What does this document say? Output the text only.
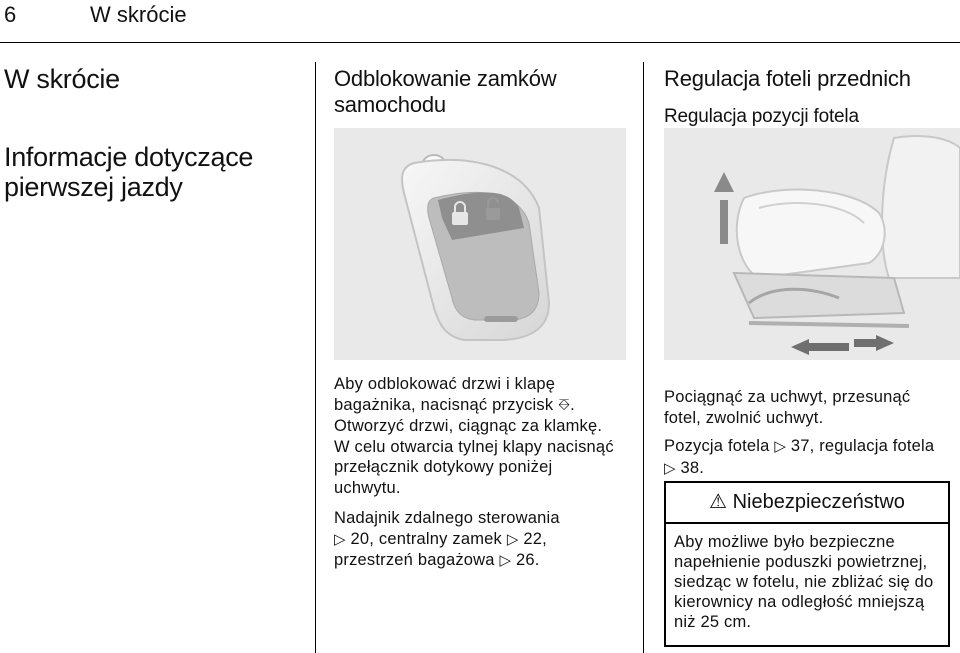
6	W skrócie
W skrócie
Informacje dotyczące
pierwszej jazdy
Odblokowanie zamków
samochodu
Aby odblokować drzwi i klapę
bagażnika, nacisnąć przycisk ⎑.
Otworzyć drzwi, ciągnąc za klamkę.
W celu otwarcia tylnej klapy nacisnąć
przełącznik dotykowy poniżej
uchwytu.
Nadajnik zdalnego sterowania
▷ 20, centralny zamek ▷ 22,
przestrzeń bagażowa ▷ 26.
Regulacja foteli przednich
Regulacja pozycji fotela
Pociągnąć za uchwyt, przesunąć
fotel, zwolnić uchwyt.
Pozycja fotela ▷ 37, regulacja fotela
▷ 38.
⚠ Niebezpieczeństwo
Aby możliwe było bezpieczne
napełnienie poduszki powietrznej,
siedząc w fotelu, nie zbliżać się do
kierownicy na odległość mniejszą
niż 25 cm.
